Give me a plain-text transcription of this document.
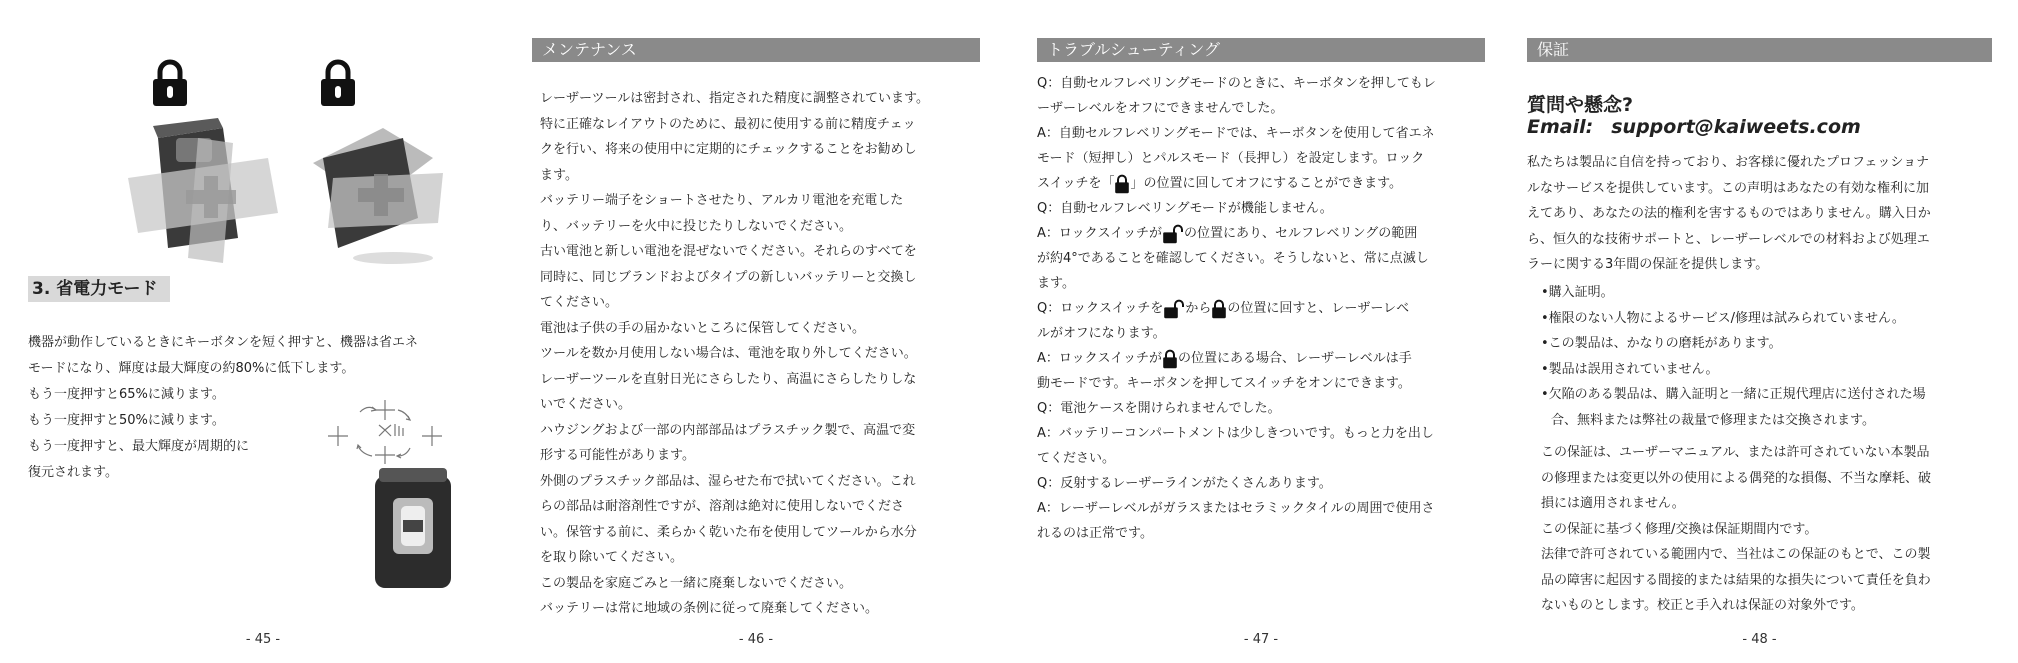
3. 省電力モード

機器が動作しているときにキーボタンを短く押すと、機器は省エネ

モードになり、輝度は最大輝度の約80%に低下します。

もう一度押すと65%に減ります。

もう一度押すと50%に減ります。

もう一度押すと、最大輝度が周期的に

復元されます。

- 45 -
メンテナンス

レーザーツールは密封され、指定された精度に調整されています。

特に正確なレイアウトのために、最初に使用する前に精度チェッ

クを行い、将来の使用中に定期的にチェックすることをお勧めし

ます。

バッテリー端子をショートさせたり、アルカリ電池を充電した

り、バッテリーを火中に投じたりしないでください。

古い電池と新しい電池を混ぜないでください。それらのすべてを

同時に、同じブランドおよびタイプの新しいバッテリーと交換し

てください。

電池は子供の手の届かないところに保管してください。

ツールを数か月使用しない場合は、電池を取り外してください。

レーザーツールを直射日光にさらしたり、高温にさらしたりしな

いでください。

ハウジングおよび一部の内部部品はプラスチック製で、高温で変

形する可能性があります。

外側のプラスチック部品は、湿らせた布で拭いてください。これ

らの部品は耐溶剤性ですが、溶剤は絶対に使用しないでくださ

い。保管する前に、柔らかく乾いた布を使用してツールから水分

を取り除いてください。

この製品を家庭ごみと一緒に廃棄しないでください。

バッテリーは常に地域の条例に従って廃棄してください。

- 46 -
トラブルシューティング

Q：自動セルフレベリングモードのときに、キーボタンを押してもレ

ーザーレベルをオフにできませんでした。

A：自動セルフレベリングモードでは、キーボタンを使用して省エネ

モード（短押し）とパルスモード（長押し）を設定します。ロック

スイッチを「 」の位置に回してオフにすることができます。

Q：自動セルフレベリングモードが機能しません。

A：ロックスイッチが の位置にあり、セルフレベリングの範囲

が約4°であることを確認してください。そうしないと、常に点滅し

ます。

Q：ロックスイッチを から の位置に回すと、レーザーレベ

ルがオフになります。

A：ロックスイッチが の位置にある場合、レーザーレベルは手

動モードです。キーボタンを押してスイッチをオンにできます。

Q：電池ケースを開けられませんでした。

A：バッテリーコンパートメントは少しきついです。もっと力を出し

てください。

Q：反射するレーザーラインがたくさんあります。

A：レーザーレベルがガラスまたはセラミックタイルの周囲で使用さ

れるのは正常です。

- 47 -
保証
質問や懸念?
Email: support@kaiweets.com

私たちは製品に自信を持っており、お客様に優れたプロフェッショナ

ルなサービスを提供しています。この声明はあなたの有効な権利に加

えてあり、あなたの法的権利を害するものではありません。購入日か

ら、恒久的な技術サポートと、レーザーレベルでの材料および処理エ

ラーに関する3年間の保証を提供します。

•購入証明。

•権限のない人物によるサービス/修理は試みられていません。

•この製品は、かなりの磨耗があります。

•製品は誤用されていません。

•欠陥のある製品は、購入証明と一緒に正規代理店に送付された場

合、無料または弊社の裁量で修理または交換されます。

この保証は、ユーザーマニュアル、または許可されていない本製品

の修理または変更以外の使用による偶発的な損傷、不当な摩耗、破

損には適用されません。

この保証に基づく修理/交換は保証期間内です。

法律で許可されている範囲内で、当社はこの保証のもとで、この製

品の障害に起因する間接的または結果的な損失について責任を負わ

ないものとします。校正と手入れは保証の対象外です。

- 48 -
